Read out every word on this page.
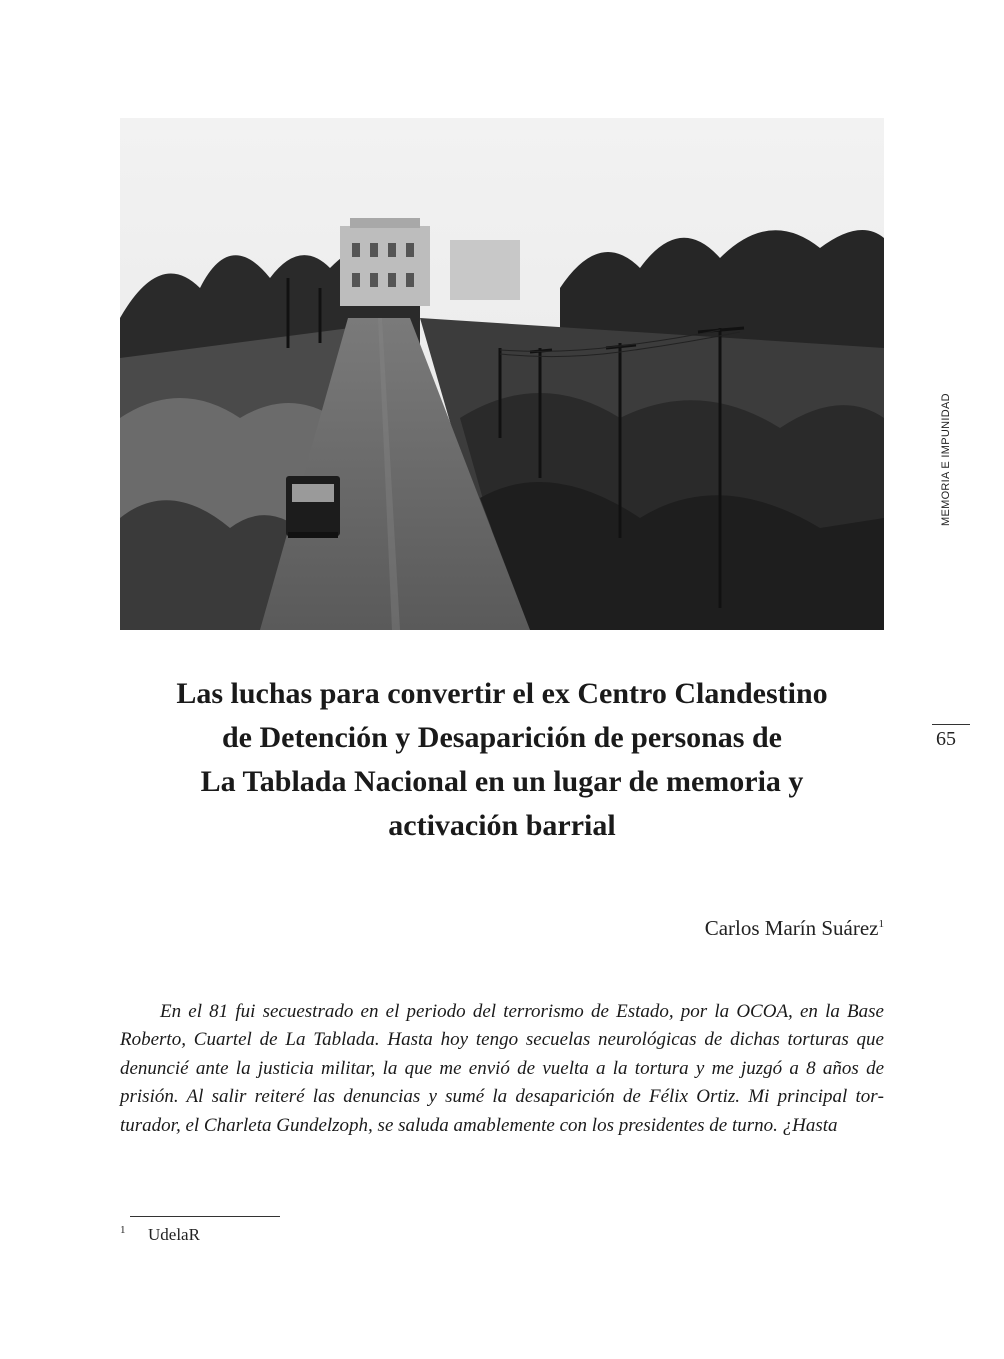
MEMORIA E IMPUNIDAD
65
Las luchas para convertir el ex Centro Clandestino
de Detención y Desaparición de personas de
La Tablada Nacional en un lugar de memoria y
activación barrial
Carlos Marín Suárez$^1$

En el 81 fui secuestrado en el periodo del terrorismo de Estado, por la OCOA, en la Base Roberto, Cuartel de La Tablada. Hasta hoy tengo secuelas neurológicas de dichas torturas que denuncié ante la justicia militar, la que me envió de vuelta a la tortura y me juzgó a 8 años de prisión. Al salir reiteré las denuncias y sumé la desaparición de Félix Ortiz. Mi principal torturador, el Charleta Gundelzoph, se saluda amablemente con los presidentes de turno. ¿Hasta

1 UdelaR
